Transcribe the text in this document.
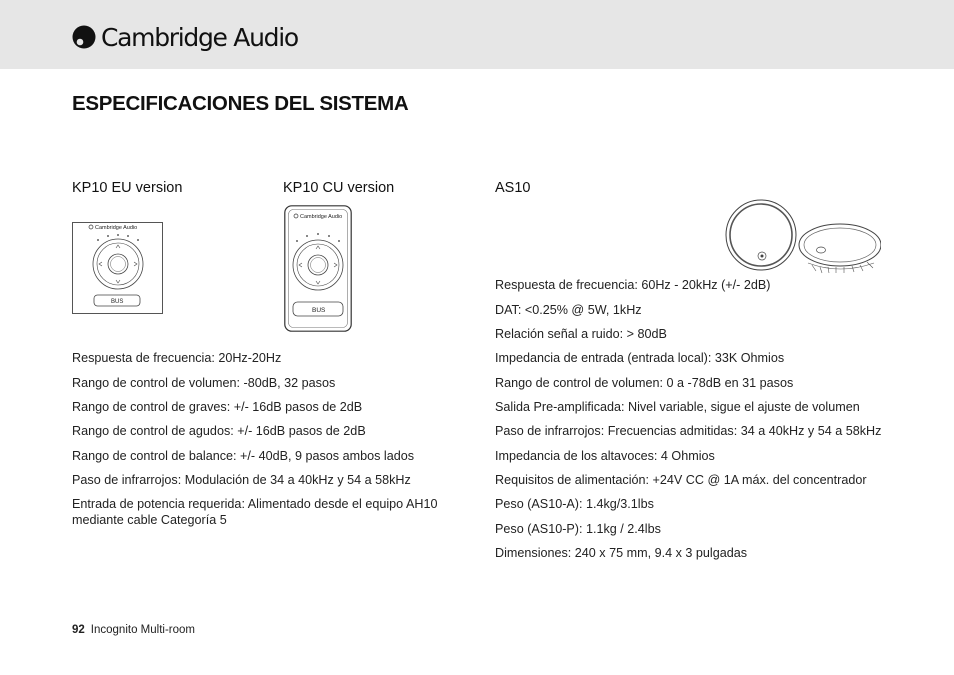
Cambridge Audio
ESPECIFICACIONES DEL SISTEMA
KP10 EU version	KP10 CU version	AS10
Cambridge Audio
BUS
Cambridge Audio
BUS
Respuesta de frecuencia: 20Hz-20Hz
Rango de control de volumen: -80dB, 32 pasos
Rango de control de graves: +/- 16dB pasos de 2dB
Rango de control de agudos: +/- 16dB pasos de 2dB
Rango de control de balance: +/- 40dB, 9 pasos ambos lados
Paso de infrarrojos: Modulación de 34 a 40kHz y 54 a 58kHz
Entrada de potencia requerida: Alimentado desde el equipo AH10 mediante cable Categoría 5
Respuesta de frecuencia: 60Hz - 20kHz (+/- 2dB)
DAT: <0.25% @ 5W, 1kHz
Relación señal a ruido: > 80dB
Impedancia de entrada (entrada local): 33K Ohmios
Rango de control de volumen: 0 a -78dB en 31 pasos
Salida Pre-amplificada: Nivel variable, sigue el ajuste de volumen
Paso de infrarrojos: Frecuencias admitidas: 34 a 40kHz y 54 a 58kHz
Impedancia de los altavoces: 4 Ohmios
Requisitos de alimentación: +24V CC @ 1A máx. del concentrador
Peso (AS10-A): 1.4kg/3.1lbs
Peso (AS10-P): 1.1kg / 2.4lbs
Dimensiones: 240 x 75 mm, 9.4 x 3 pulgadas
92 Incognito Multi-room
